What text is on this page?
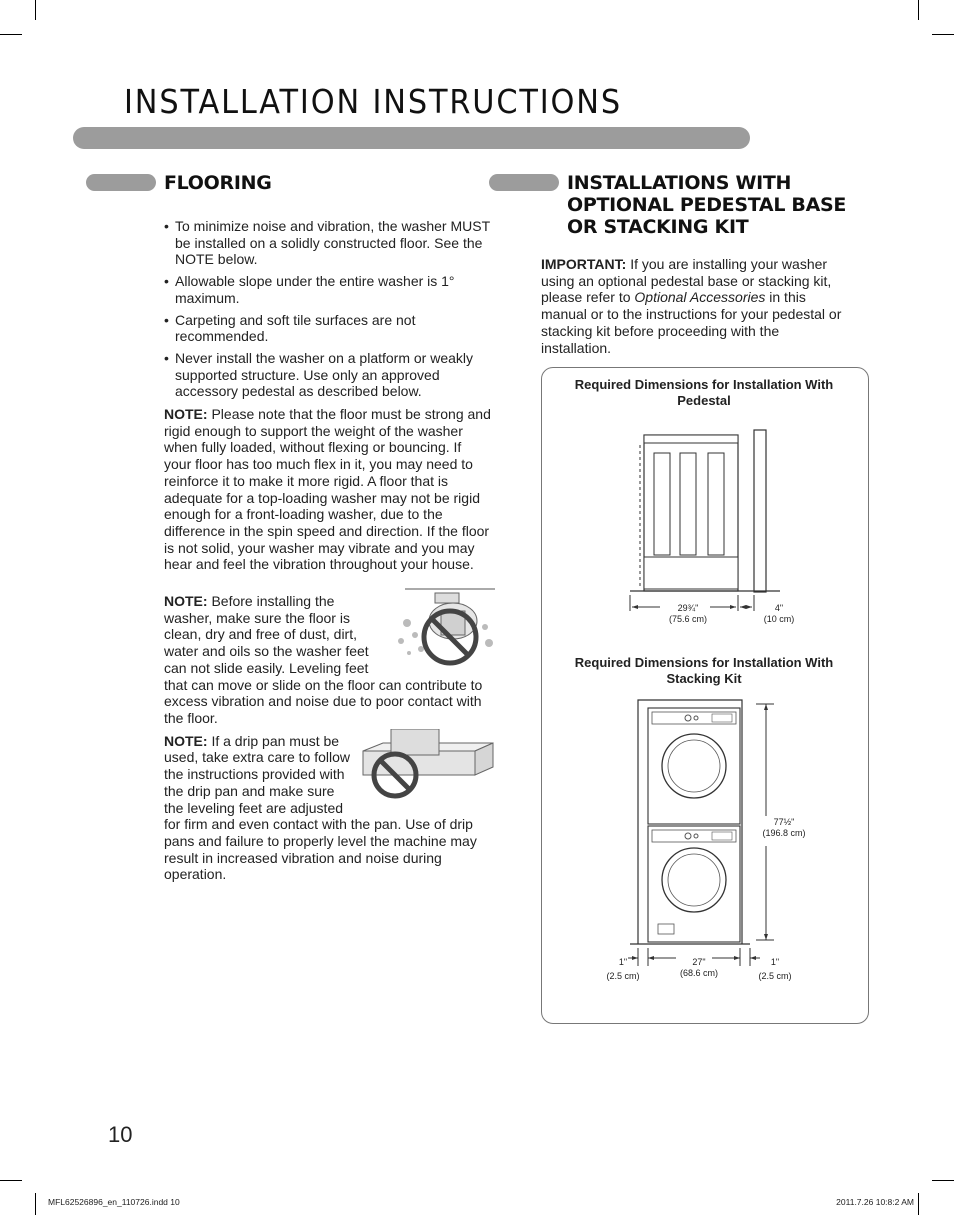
INSTALLATION INSTRUCTIONS
FLOORING
• To minimize noise and vibration, the washer MUST be installed on a solidly constructed floor. See the NOTE below.
• Allowable slope under the entire washer is 1° maximum.
• Carpeting and soft tile surfaces are not recommended.
• Never install the washer on a platform or weakly supported structure. Use only an approved accessory pedestal as described below.

NOTE: Please note that the floor must be strong and rigid enough to support the weight of the washer when fully loaded, without flexing or bouncing. If your floor has too much flex in it, you may need to reinforce it to make it more rigid. A floor that is adequate for a top-loading washer may not be rigid enough for a front-loading washer, due to the difference in the spin speed and direction. If the floor is not solid, your washer may vibrate and you may hear and feel the vibration throughout your house.

NOTE: Before installing the washer, make sure the floor is clean, dry and free of dust, dirt, water and oils so the washer feet can not slide easily. Leveling feet that can move or slide on the floor can contribute to excess vibration and noise due to poor contact with the floor.

NOTE: If a drip pan must be used, take extra care to follow the instructions provided with the drip pan and make sure the leveling feet are adjusted for firm and even contact with the pan. Use of drip pans and failure to properly level the machine may result in increased vibration and noise during operation.

INSTALLATIONS WITH OPTIONAL PEDESTAL BASE OR STACKING KIT

IMPORTANT: If you are installing your washer using an optional pedestal base or stacking kit, please refer to Optional Accessories in this manual or to the instructions for your pedestal or stacking kit before proceeding with the installation.

Required Dimensions for Installation With Pedestal
29¾"
(75.6 cm)
4"
(10 cm)
Required Dimensions for Installation With Stacking Kit
77½"
(196.8 cm)
1"
(2.5 cm)
27"
(68.6 cm)
1"
(2.5 cm)
10
MFL62526896_en_110726.indd 10	2011.7.26 10:8:2 AM
